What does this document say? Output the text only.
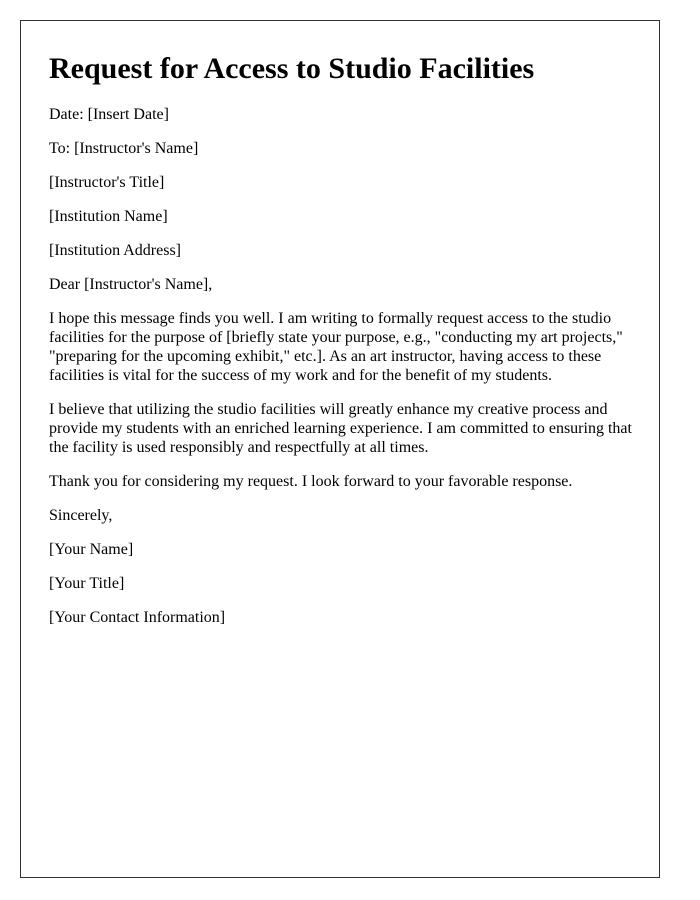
Request for Access to Studio Facilities

Date: [Insert Date]

To: [Instructor's Name]

[Instructor's Title]

[Institution Name]

[Institution Address]

Dear [Instructor's Name],

I hope this message finds you well. I am writing to formally request access to the studio facilities for the purpose of [briefly state your purpose, e.g., "conducting my art projects," "preparing for the upcoming exhibit," etc.]. As an art instructor, having access to these facilities is vital for the success of my work and for the benefit of my students.

I believe that utilizing the studio facilities will greatly enhance my creative process and provide my students with an enriched learning experience. I am committed to ensuring that the facility is used responsibly and respectfully at all times.

Thank you for considering my request. I look forward to your favorable response.

Sincerely,

[Your Name]

[Your Title]

[Your Contact Information]
